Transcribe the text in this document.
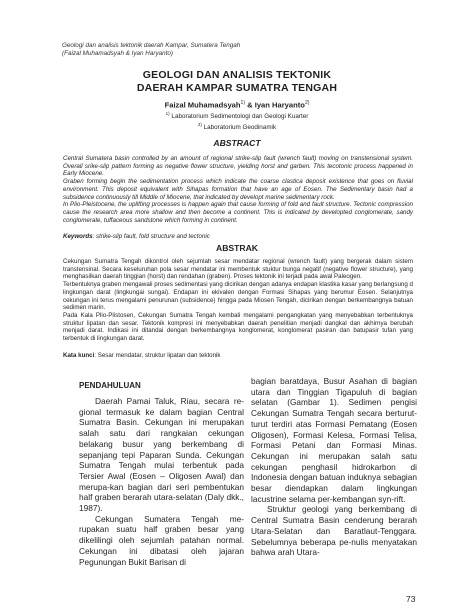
Geologi dan analisis tektonik daerah Kampar, Sumatera Tengah
(Faizal Muhamadsyah & Iyan Haryanto)
GEOLOGI DAN ANALISIS TEKTONIK
DAERAH KAMPAR SUMATRA TENGAH
Faizal Muhamadsyah$^{1)}$ & Iyan Haryanto$^{2)}$
$^{1)}$ Laboratorium Sedimentologi dan Geologi Kuarter
$^{2)}$ Laboratorium Geodinamik
ABSTRACT

Central Sumatera basin controlled by an amount of regional strike-slip fault (wrench fault) moving on transtensional system. Overall srike-slip pattern forming as negative flower structure, yielding horst and garben. This tecotonic process happened in Early Miocene.

Graben forming begin the sedimentation process which indicate the coarse clastica deposit existence that goes on fluvial environment. This deposit equivalent with Sihapas formation that have an age of Eosen. The Sedimentary basin had a subsidence continuously till Middle of Miocene, that indicated by developt marine sedimentary rock.

In Plio-Pleistocene, the uplifting processes is happen again that cause forming of fold and fault structure. Tectonic compression cause the research area more shallow and then become a continent. This is indicated by developted conglomerate, sandy conglomerate, tuffaceous sandstone which forming in continent.

Keywords: strike-slip fault, fold structure and tectonic
ABSTRAK

Cekungan Sumatra Tengah dikontrol oleh sejumlah sesar mendatar regional (wrench fault) yang bergerak dalam sistem transtensinal. Secara keseluruhan pola sesar mendatar ini membentuk stuktur bunga negatif (negative flower structure), yang menghasilkan daerah tinggian (horst) dan rendahan (graben). Proses tektonik ini terjadi pada awal Paleogen.

Terbentuknya graben mengawali proses sedimentasi yang dicirikan dengan adanya endapan klastika kasar yang berlangsung d lingkungan darat (lingkungai sungai). Endapan ini ekivalen dengan Formasi Sihapas yang berumur Eosen. Selanjutnya cekungan ini terus mengalami penurunan (subsidence) hingga pada Miosen Tengah, dicirikan dengan berkembangnya batuan sedimen marin.

Pada Kala Plio-Plistosen, Cekungan Sumatra Tengah kembali mengalami pengangkatan yang menyebabkan terbentuknya struktur lipatan dan sesar. Tektonik kompresi ini menyebabkan daerah penelitian menjadi dangkal dan akhirnya berubah menjadi darat. Indikasi ini ditandai dengan berkembangnya konglomerat, konglomerat pasiran dan batupasir tufan yang terbentuk di lingkungan darat.

Kata kunci: Sesar mendatar, struktur lipatan dan tektonik
PENDAHULUAN

Daerah Pamai Taluk, Riau, secara re-gional termasuk ke dalam bagian Central Sumatra Basin. Cekungan ini merupakan salah satu dari rangkaian cekungan belakang busur yang berkembang di sepanjang tepi Paparan Sunda. Cekungan Sumatra Tengah mulai terbentuk pada Tersier Awal (Eosen – Oligosen Awal) dan merupa-kan bagian dari seri pembentukan half graben berarah utara-selatan (Daly dkk., 1987).

Cekungan Sumatera Tengah me-rupakan suatu half graben besar yang dikelilingi oleh sejumlah patahan normal. Cekungan ini dibatasi oleh jajaran Pegunungan Bukit Barisan di

bagian baratdaya, Busur Asahan di bagian utara dan Tinggian Tigapuluh di bagian selatan (Gambar 1). Sedimen pengisi Cekungan Sumatra Tengah secara berturut-turut terdiri atas Formasi Pematang (Eosen Oligosen), Formasi Kelesa, Formasi Telisa, Formasi Petani dan Formasi Minas. Cekungan ini merupakan salah satu cekungan penghasil hidrokarbon di Indonesia dengan batuan induknya sebagian besar diendapkan dalam lingkungan lacustrine selama per-kembangan syn-rift.

Struktur geologi yang berkembang di Central Sumatra Basin cenderung berarah Utara-Selatan dan Baratlaut-Tenggara. Sebelumnya beberapa pe-nulis menyatakan bahwa arah Utara-

73
